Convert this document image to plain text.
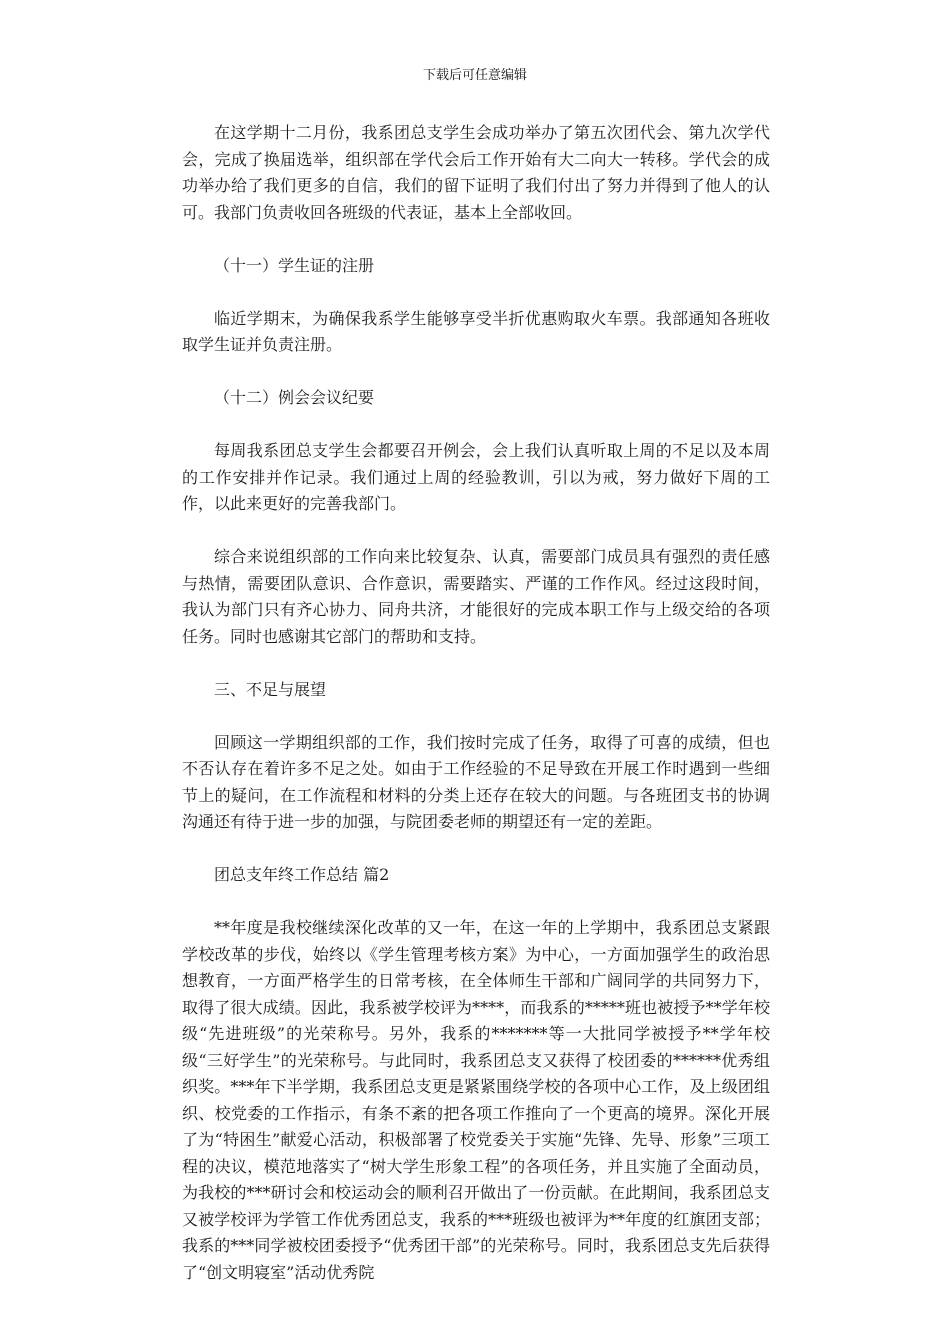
下载后可任意编辑

在这学期十二月份，我系团总支学生会成功举办了第五次团代会、第九次学代会，完成了换届选举，组织部在学代会后工作开始有大二向大一转移。学代会的成功举办给了我们更多的自信，我们的留下证明了我们付出了努力并得到了他人的认可。我部门负责收回各班级的代表证，基本上全部收回。

（十一）学生证的注册

临近学期末，为确保我系学生能够享受半折优惠购取火车票。我部通知各班收取学生证并负责注册。

（十二）例会会议纪要

每周我系团总支学生会都要召开例会，会上我们认真听取上周的不足以及本周的工作安排并作记录。我们通过上周的经验教训，引以为戒，努力做好下周的工作，以此来更好的完善我部门。

综合来说组织部的工作向来比较复杂、认真，需要部门成员具有强烈的责任感与热情，需要团队意识、合作意识，需要踏实、严谨的工作作风。经过这段时间，我认为部门只有齐心协力、同舟共济，才能很好的完成本职工作与上级交给的各项任务。同时也感谢其它部门的帮助和支持。

三、不足与展望

回顾这一学期组织部的工作，我们按时完成了任务，取得了可喜的成绩，但也不否认存在着许多不足之处。如由于工作经验的不足导致在开展工作时遇到一些细节上的疑问，在工作流程和材料的分类上还存在较大的问题。与各班团支书的协调沟通还有待于进一步的加强，与院团委老师的期望还有一定的差距。

团总支年终工作总结 篇2

**年度是我校继续深化改革的又一年，在这一年的上学期中，我系团总支紧跟学校改革的步伐，始终以《学生管理考核方案》为中心，一方面加强学生的政治思想教育，一方面严格学生的日常考核，在全体师生干部和广阔同学的共同努力下，取得了很大成绩。因此，我系被学校评为****，而我系的*****班也被授予**学年校级“先进班级”的光荣称号。另外，我系的*******等一大批同学被授予**学年校级“三好学生”的光荣称号。与此同时，我系团总支又获得了校团委的******优秀组织奖。***年下半学期，我系团总支更是紧紧围绕学校的各项中心工作，及上级团组织、校党委的工作指示，有条不紊的把各项工作推向了一个更高的境界。深化开展了为“特困生”献爱心活动，积极部署了校党委关于实施“先锋、先导、形象”三项工程的决议，模范地落实了“树大学生形象工程”的各项任务，并且实施了全面动员，为我校的***研讨会和校运动会的顺利召开做出了一份贡献。在此期间，我系团总支又被学校评为学管工作优秀团总支，我系的***班级也被评为**年度的红旗团支部；我系的***同学被校团委授予“优秀团干部”的光荣称号。同时，我系团总支先后获得了“创文明寝室”活动优秀院
